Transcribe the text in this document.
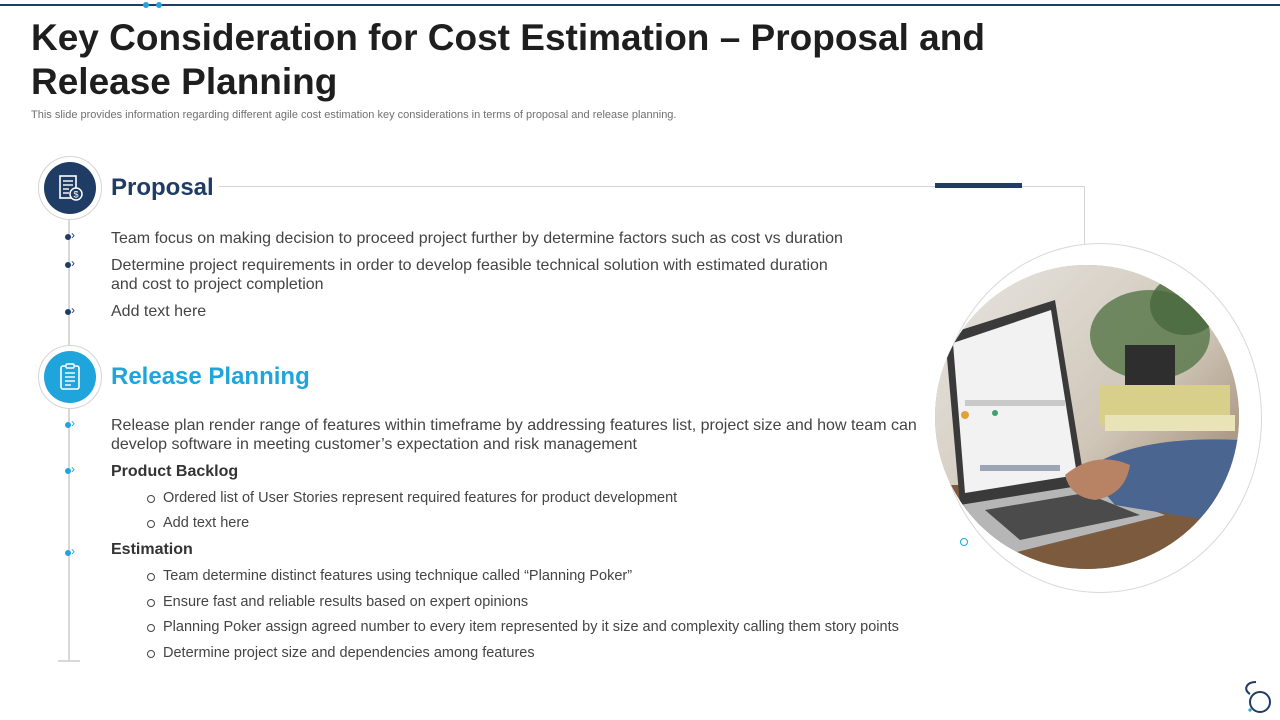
Key Consideration for Cost Estimation – Proposal and Release Planning
This slide provides information regarding different agile cost estimation key considerations in terms of proposal and release planning.
$ Proposal
› Team focus on making decision to proceed project further by determine factors such as cost vs duration
› Determine project requirements in order to develop feasible technical solution with estimated duration and cost to project completion
› Add text here
Release Planning
› Release plan render range of features within timeframe by addressing features list, project size and how team can develop software in meeting customer’s expectation and risk management
› Product Backlog
Ordered list of User Stories represent required features for product development
Add text here
› Estimation
Team determine distinct features using technique called “Planning Poker”
Ensure fast and reliable results based on expert opinions
Planning Poker assign agreed number to every item represented by it size and complexity calling them story points
Determine project size and dependencies among features
